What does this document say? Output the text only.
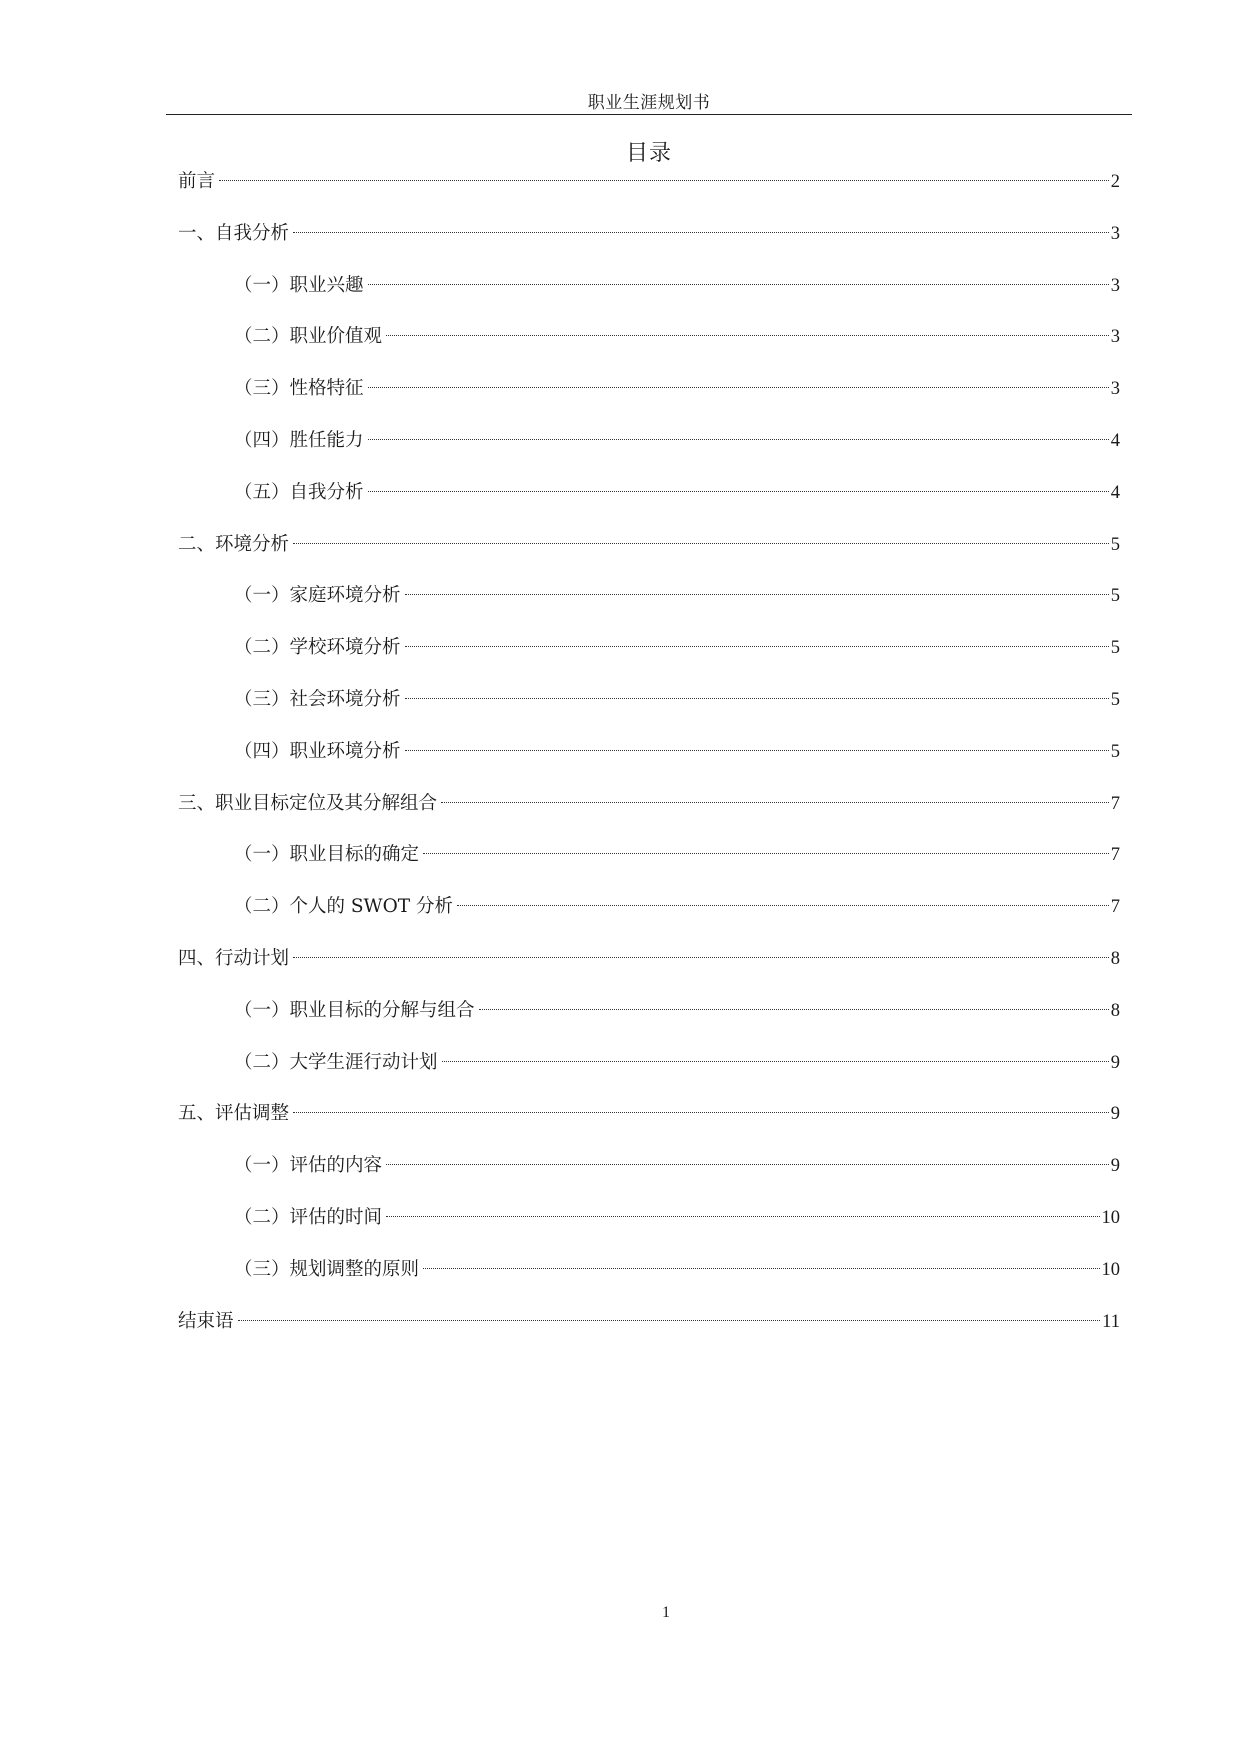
职业生涯规划书
目录
前言	2
一、自我分析	3
（一）职业兴趣	3
（二）职业价值观	3
（三）性格特征	3
（四）胜任能力	4
（五）自我分析	4
二、环境分析	5
（一）家庭环境分析	5
（二）学校环境分析	5
（三）社会环境分析	5
（四）职业环境分析	5
三、职业目标定位及其分解组合	7
（一）职业目标的确定	7
（二）个人的 SWOT 分析	7
四、行动计划	8
（一）职业目标的分解与组合	8
（二）大学生涯行动计划	9
五、评估调整	9
（一）评估的内容	9
（二）评估的时间	10
（三）规划调整的原则	10
结束语	11
1
